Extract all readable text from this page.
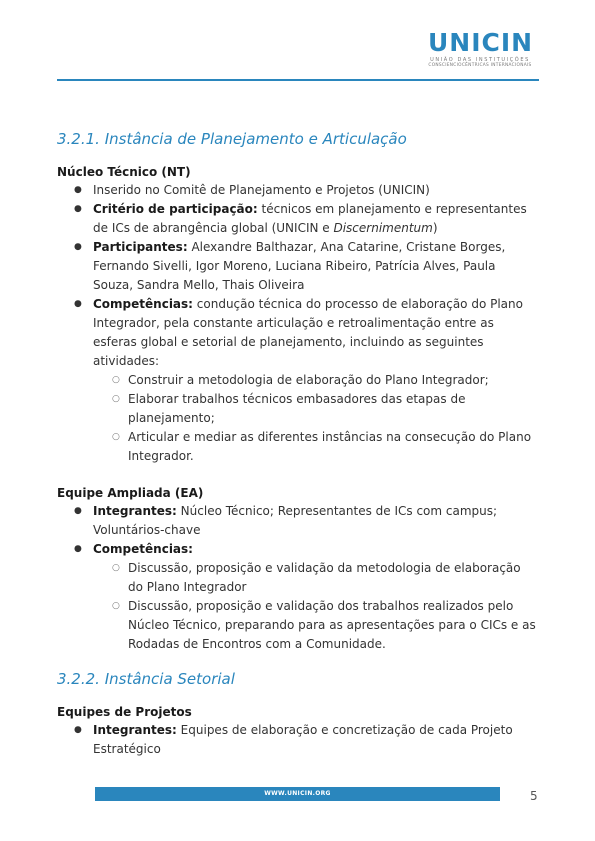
UNICIN
UNIÃO DAS INSTITUIÇÕES
CONSCIENCIOCÊNTRICAS INTERNACIONAIS
3.2.1. Instância de Planejamento e Articulação
Núcleo Técnico (NT)
● Inserido no Comitê de Planejamento e Projetos (UNICIN)
● Critério de participação: técnicos em planejamento e representantes de ICs de abrangência global (UNICIN e Discernimentum)
● Participantes: Alexandre Balthazar, Ana Catarine, Cristane Borges, Fernando Sivelli, Igor Moreno, Luciana Ribeiro, Patrícia Alves, Paula Souza, Sandra Mello, Thais Oliveira
● Competências: condução técnica do processo de elaboração do Plano Integrador, pela constante articulação e retroalimentação entre as esferas global e setorial de planejamento, incluindo as seguintes atividades:
○ Construir a metodologia de elaboração do Plano Integrador;
○ Elaborar trabalhos técnicos embasadores das etapas de planejamento;
○ Articular e mediar as diferentes instâncias na consecução do Plano Integrador.
Equipe Ampliada (EA)
● Integrantes: Núcleo Técnico; Representantes de ICs com campus; Voluntários-chave
● Competências:
○ Discussão, proposição e validação da metodologia de elaboração do Plano Integrador
○ Discussão, proposição e validação dos trabalhos realizados pelo Núcleo Técnico, preparando para as apresentações para o CICs e as Rodadas de Encontros com a Comunidade.
3.2.2. Instância Setorial
Equipes de Projetos
● Integrantes: Equipes de elaboração e concretização de cada Projeto Estratégico
WWW.UNICIN.ORG	5
